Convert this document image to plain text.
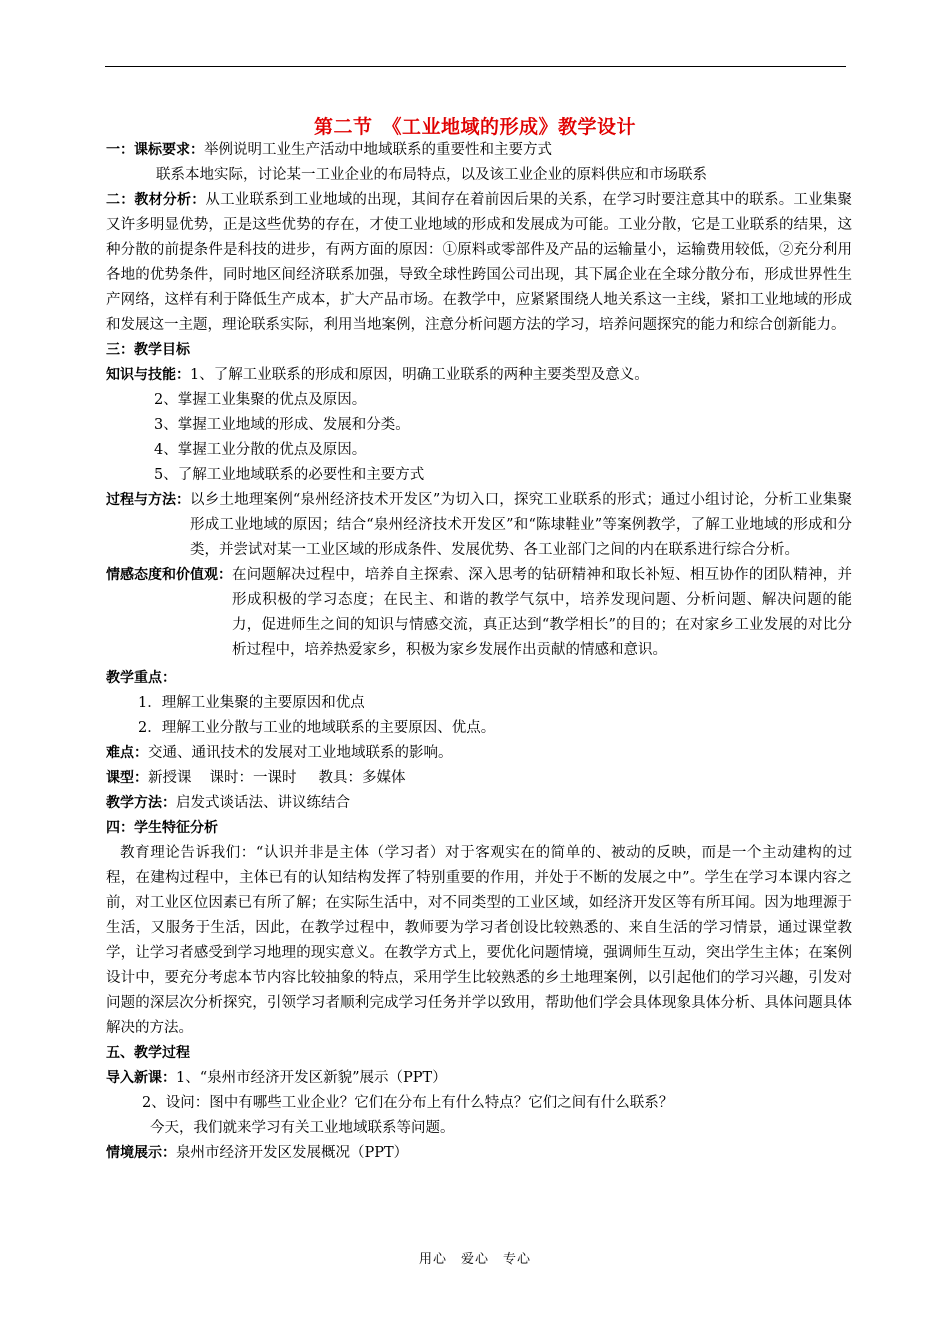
第二节　《工业地域的形成》教学设计

一：课标要求：举例说明工业生产活动中地域联系的重要性和主要方式

联系本地实际，讨论某一工业企业的布局特点，以及该工业企业的原料供应和市场联系

二：教材分析：从工业联系到工业地域的出现，其间存在着前因后果的关系，在学习时要注意其中的联系。工业集聚又许多明显优势，正是这些优势的存在，才使工业地域的形成和发展成为可能。工业分散，它是工业联系的结果，这种分散的前提条件是科技的进步，有两方面的原因：①原料或零部件及产品的运输量小，运输费用较低，②充分利用各地的优势条件，同时地区间经济联系加强，导致全球性跨国公司出现，其下属企业在全球分散分布，形成世界性生产网络，这样有利于降低生产成本，扩大产品市场。在教学中，应紧紧围绕人地关系这一主线，紧扣工业地域的形成和发展这一主题，理论联系实际，利用当地案例，注意分析问题方法的学习，培养问题探究的能力和综合创新能力。

三：教学目标

知识与技能：1、了解工业联系的形成和原因，明确工业联系的两种主要类型及意义。

2、掌握工业集聚的优点及原因。

3、掌握工业地域的形成、发展和分类。

4、掌握工业分散的优点及原因。

5、了解工业地域联系的必要性和主要方式

过程与方法： 以乡土地理案例“泉州经济技术开发区”为切入口，探究工业联系的形式；通过小组讨论，分析工业集聚形成工业地域的原因；结合“泉州经济技术开发区”和“陈埭鞋业”等案例教学，了解工业地域的形成和分类，并尝试对某一工业区域的形成条件、发展优势、各工业部门之间的内在联系进行综合分析。
情感态度和价值观： 在问题解决过程中，培养自主探索、深入思考的钻研精神和取长补短、相互协作的团队精神，并形成积极的学习态度；在民主、和谐的教学气氛中，培养发现问题、分析问题、解决问题的能力，促进师生之间的知识与情感交流，真正达到“教学相长”的目的；在对家乡工业发展的对比分析过程中，培养热爱家乡，积极为家乡发展作出贡献的情感和意识。

教学重点：

1．理解工业集聚的主要原因和优点

2．理解工业分散与工业的地域联系的主要原因、优点。

难点：交通、通讯技术的发展对工业地域联系的影响。

课型：新授课 课时：一课时 教具：多媒体

教学方法：启发式谈话法、讲议练结合

四：学生特征分析

教育理论告诉我们：“认识并非是主体（学习者）对于客观实在的简单的、被动的反映，而是一个主动建构的过程，在建构过程中，主体已有的认知结构发挥了特别重要的作用，并处于不断的发展之中”。学生在学习本课内容之前，对工业区位因素已有所了解；在实际生活中，对不同类型的工业区域，如经济开发区等有所耳闻。因为地理源于生活，又服务于生活，因此，在教学过程中，教师要为学习者创设比较熟悉的、来自生活的学习情景，通过课堂教学，让学习者感受到学习地理的现实意义。在教学方式上，要优化问题情境，强调师生互动，突出学生主体；在案例设计中，要充分考虑本节内容比较抽象的特点，采用学生比较熟悉的乡土地理案例，以引起他们的学习兴趣，引发对问题的深层次分析探究，引领学习者顺利完成学习任务并学以致用，帮助他们学会具体现象具体分析、具体问题具体解决的方法。

五、教学过程

导入新课：1、“泉州市经济开发区新貌”展示（PPT）

2、设问：图中有哪些工业企业？它们在分布上有什么特点？它们之间有什么联系？

今天，我们就来学习有关工业地域联系等问题。

情境展示：泉州市经济开发区发展概况（PPT）

用心　爱心　专心
